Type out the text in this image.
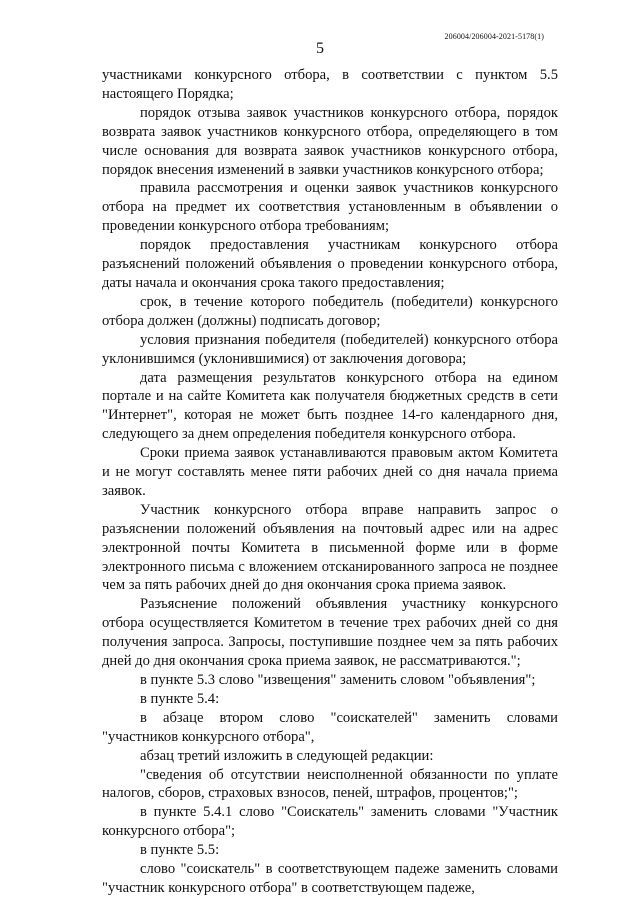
206004/206004-2021-5178(1)
5

участниками конкурсного отбора, в соответствии с пунктом 5.5 настоящего Порядка;

порядок отзыва заявок участников конкурсного отбора, порядок возврата заявок участников конкурсного отбора, определяющего в том числе основания для возврата заявок участников конкурсного отбора, порядок внесения изменений в заявки участников конкурсного отбора;

правила рассмотрения и оценки заявок участников конкурсного отбора на предмет их соответствия установленным в объявлении о проведении конкурсного отбора требованиям;

порядок предоставления участникам конкурсного отбора разъяснений положений объявления о проведении конкурсного отбора, даты начала и окончания срока такого предоставления;

срок, в течение которого победитель (победители) конкурсного отбора должен (должны) подписать договор;

условия признания победителя (победителей) конкурсного отбора уклонившимся (уклонившимися) от заключения договора;

дата размещения результатов конкурсного отбора на едином портале и на сайте Комитета как получателя бюджетных средств в сети "Интернет", которая не может быть позднее 14-го календарного дня, следующего за днем определения победителя конкурсного отбора.

Сроки приема заявок устанавливаются правовым актом Комитета и не могут составлять менее пяти рабочих дней со дня начала приема заявок.

Участник конкурсного отбора вправе направить запрос о разъяснении положений объявления на почтовый адрес или на адрес электронной почты Комитета в письменной форме или в форме электронного письма с вложением отсканированного запроса не позднее чем за пять рабочих дней до дня окончания срока приема заявок.

Разъяснение положений объявления участнику конкурсного отбора осуществляется Комитетом в течение трех рабочих дней со дня получения запроса. Запросы, поступившие позднее чем за пять рабочих дней до дня окончания срока приема заявок, не рассматриваются.";

в пункте 5.3 слово "извещения" заменить словом "объявления";

в пункте 5.4:

в абзаце втором слово "соискателей" заменить словами "участников конкурсного отбора",

абзац третий изложить в следующей редакции:

"сведения об отсутствии неисполненной обязанности по уплате налогов, сборов, страховых взносов, пеней, штрафов, процентов;";

в пункте 5.4.1 слово "Соискатель" заменить словами "Участник конкурсного отбора";

в пункте 5.5:

слово "соискатель" в соответствующем падеже заменить словами "участник конкурсного отбора" в соответствующем падеже,
